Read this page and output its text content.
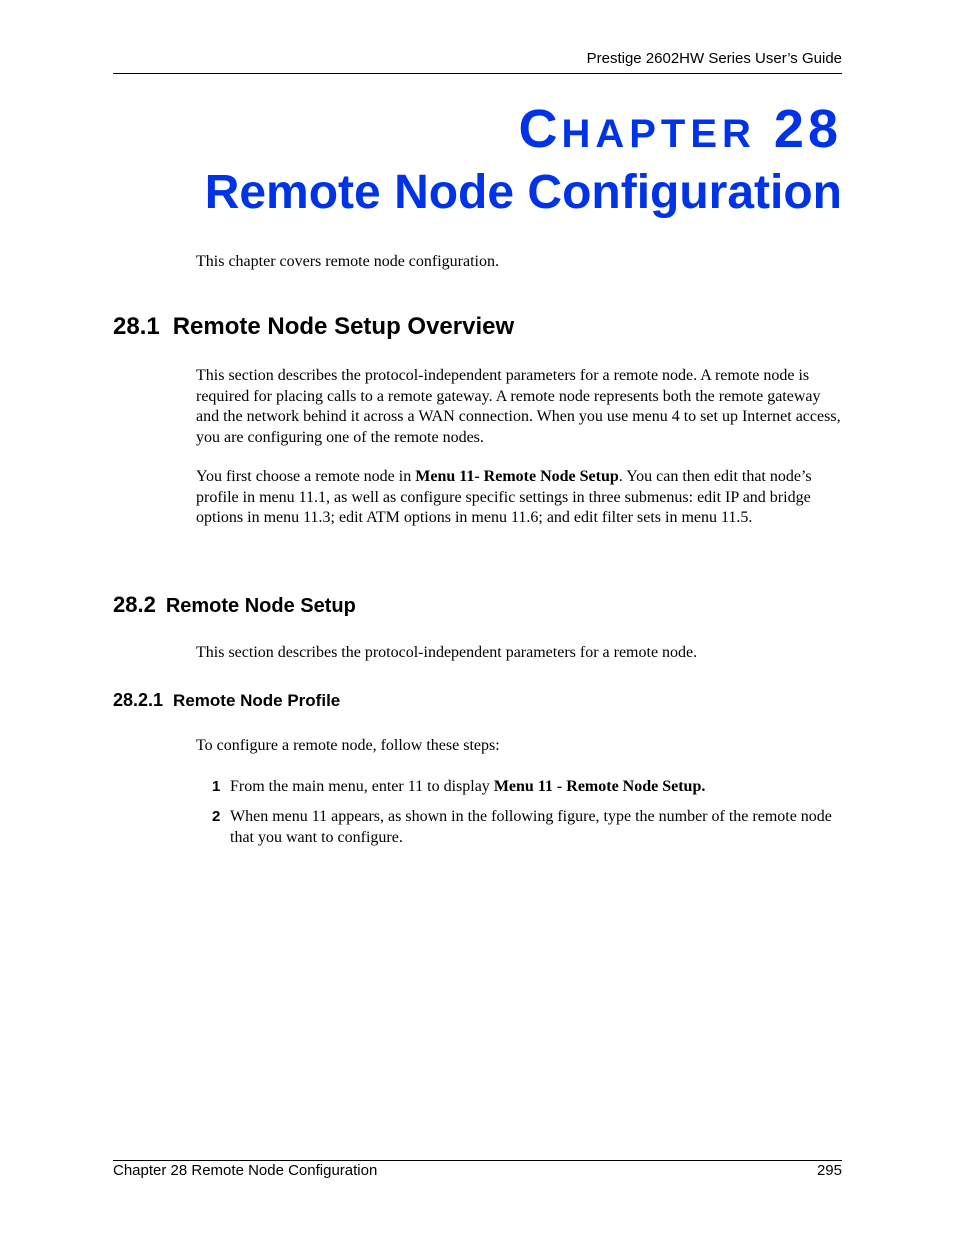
Prestige 2602HW Series User’s Guide
CHAPTER 28
Remote Node Configuration
This chapter covers remote node configuration.
28.1 Remote Node Setup Overview
This section describes the protocol-independent parameters for a remote node. A remote node is required for placing calls to a remote gateway. A remote node represents both the remote gateway and the network behind it across a WAN connection. When you use menu 4 to set up Internet access, you are configuring one of the remote nodes.
You first choose a remote node in Menu 11- Remote Node Setup. You can then edit that node’s profile in menu 11.1, as well as configure specific settings in three submenus: edit IP and bridge options in menu 11.3; edit ATM options in menu 11.6; and edit filter sets in menu 11.5.
28.2 Remote Node Setup
This section describes the protocol-independent parameters for a remote node.
28.2.1 Remote Node Profile
To configure a remote node, follow these steps:
1 From the main menu, enter 11 to display Menu 11 - Remote Node Setup.
2 When menu 11 appears, as shown in the following figure, type the number of the remote node that you want to configure.
Chapter 28 Remote Node Configuration	295
